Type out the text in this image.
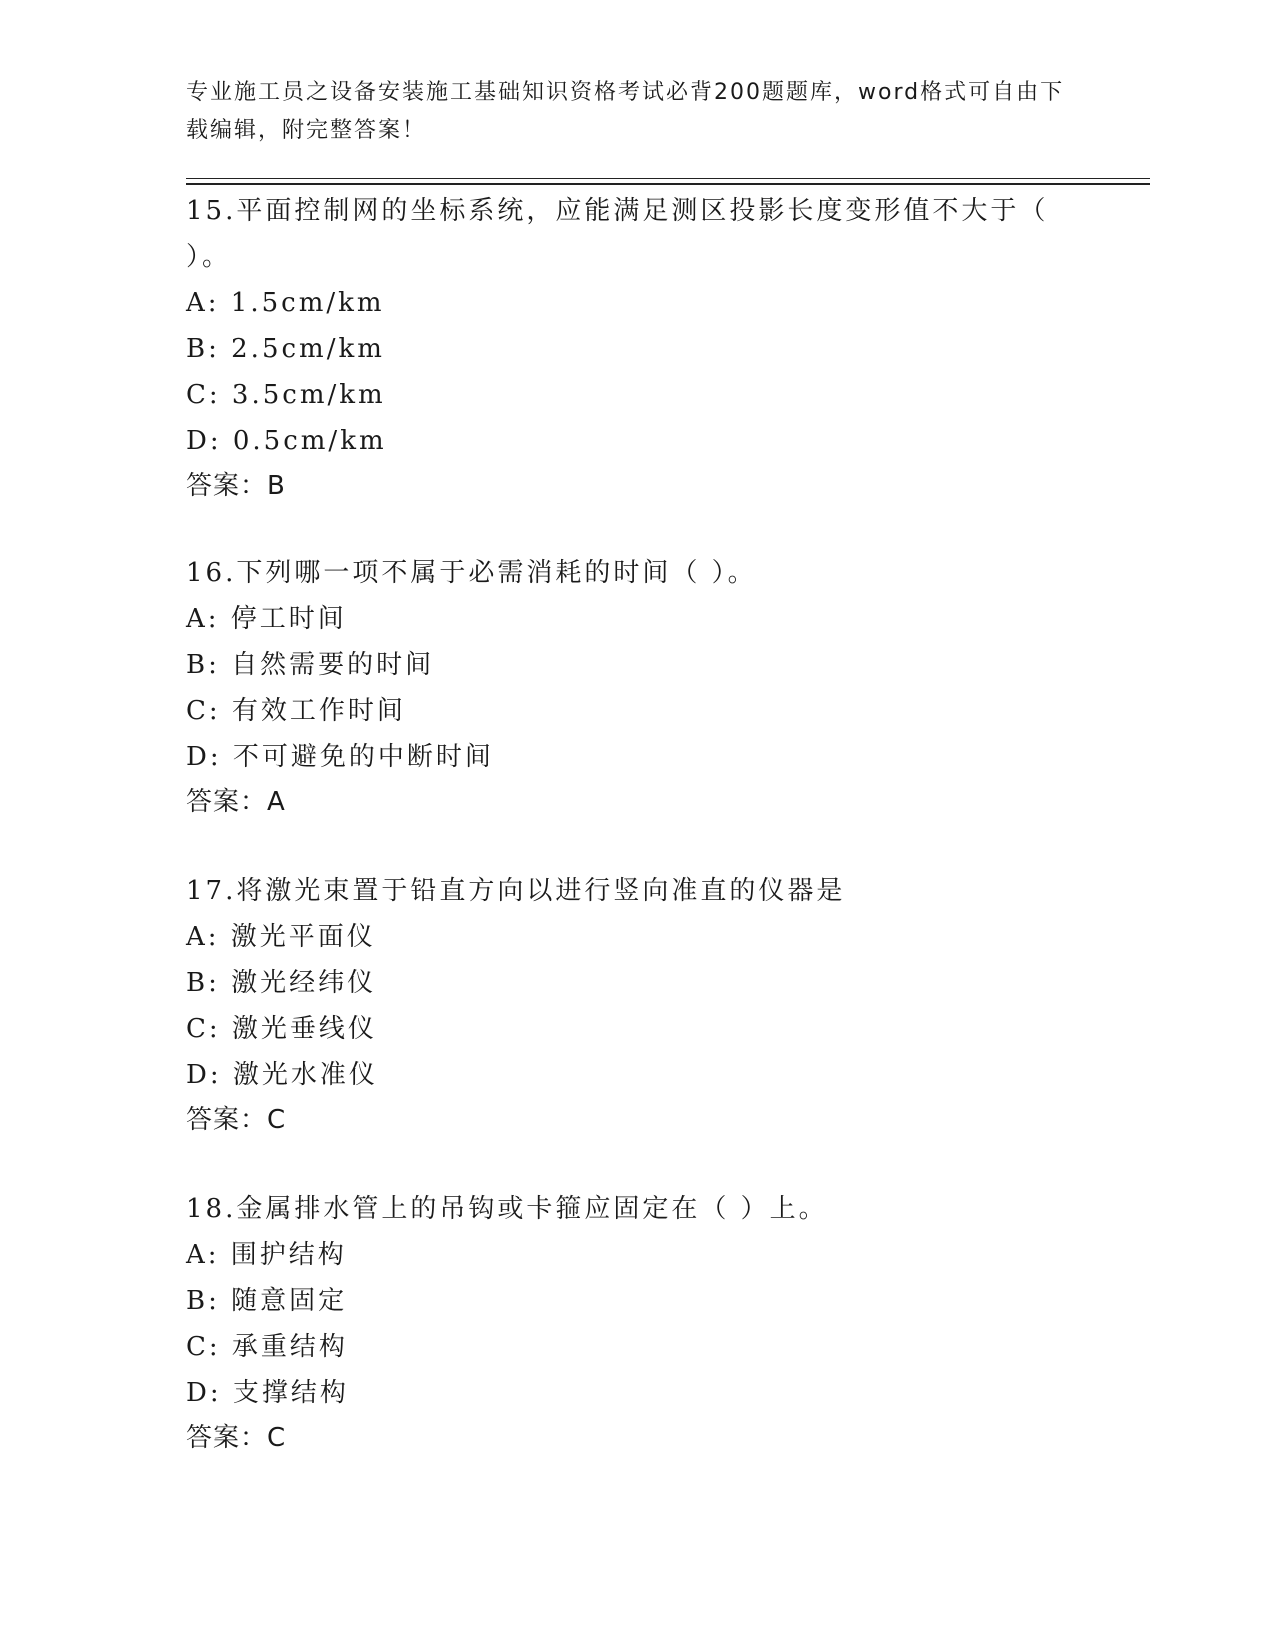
专业施工员之设备安装施工基础知识资格考试必背200题题库，word格式可自由下载编辑，附完整答案！
15.平面控制网的坐标系统，应能满足测区投影长度变形值不大于（ ）。
A: 1.5cm/km
B: 2.5cm/km
C: 3.5cm/km
D: 0.5cm/km
答案：B
16.下列哪一项不属于必需消耗的时间（ ）。
A: 停工时间
B: 自然需要的时间
C: 有效工作时间
D: 不可避免的中断时间
答案：A
17.将激光束置于铅直方向以进行竖向准直的仪器是
A: 激光平面仪
B: 激光经纬仪
C: 激光垂线仪
D: 激光水准仪
答案：C
18.金属排水管上的吊钩或卡箍应固定在（ ）上。
A: 围护结构
B: 随意固定
C: 承重结构
D: 支撑结构
答案：C
